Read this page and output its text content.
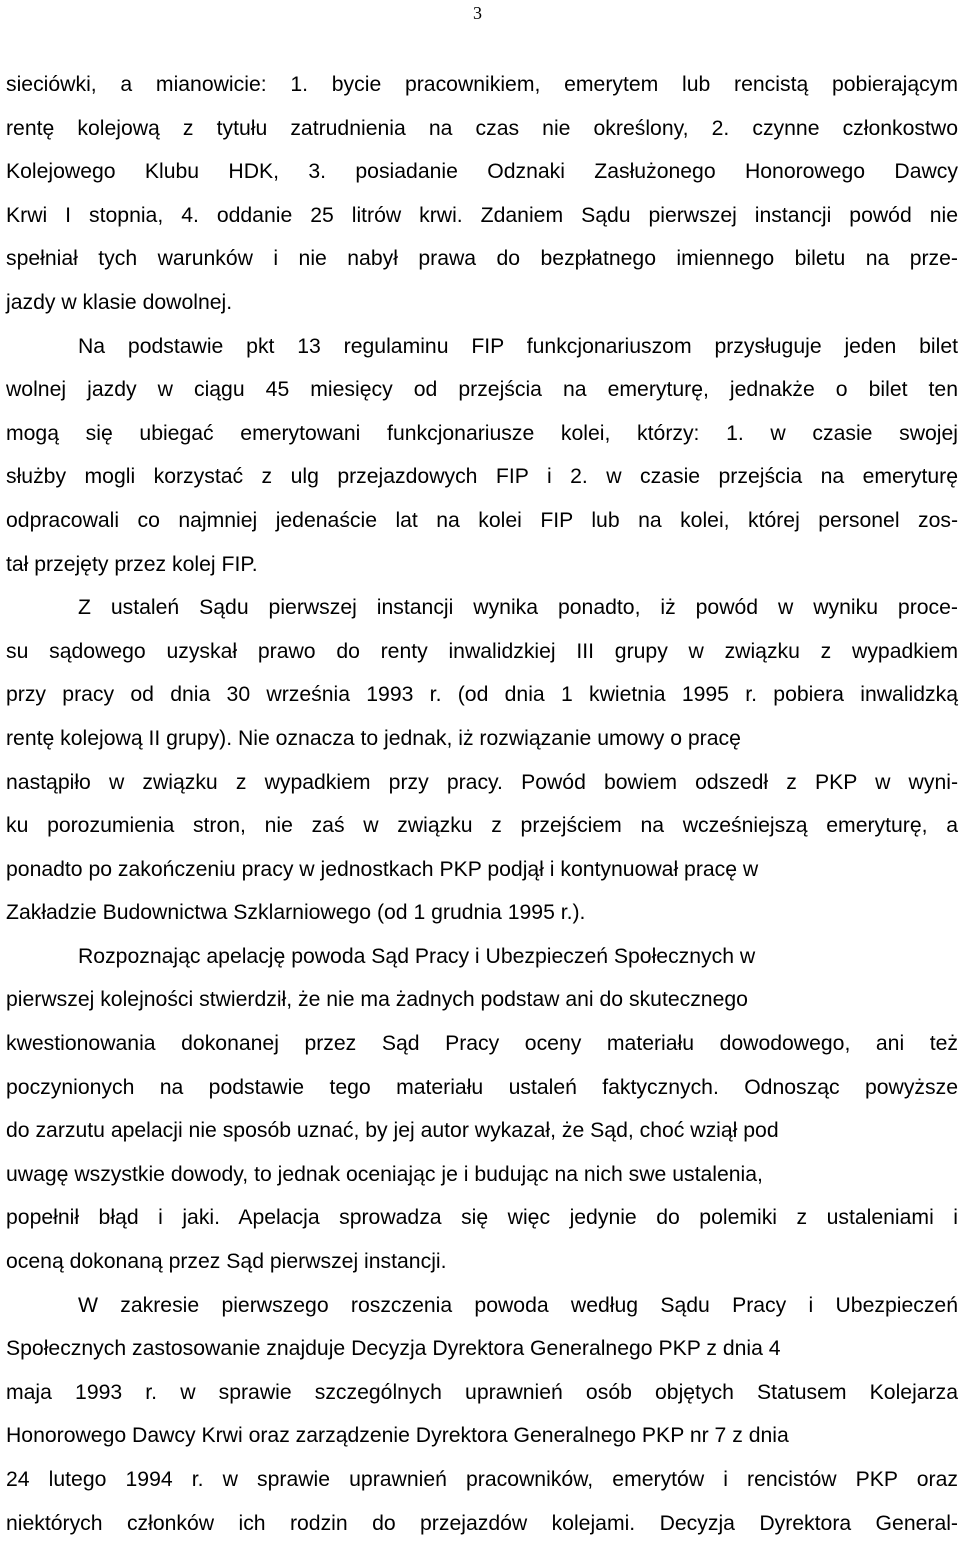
3
sieciówki, a mianowicie: 1. bycie pracownikiem, emerytem lub rencistą pobierającym
rentę kolejową z tytułu zatrudnienia na czas nie określony, 2. czynne członkostwo
Kolejowego Klubu HDK, 3. posiadanie Odznaki Zasłużonego Honorowego Dawcy
Krwi I stopnia, 4. oddanie 25 litrów krwi. Zdaniem Sądu pierwszej instancji powód nie
spełniał tych warunków i nie nabył prawa do bezpłatnego imiennego biletu na prze-
jazdy w klasie dowolnej.
Na podstawie pkt 13 regulaminu FIP funkcjonariuszom przysługuje jeden bilet
wolnej jazdy w ciągu 45 miesięcy od przejścia na emeryturę, jednakże o bilet ten
mogą się ubiegać emerytowani funkcjonariusze kolei, którzy: 1. w czasie swojej
służby mogli korzystać z ulg przejazdowych FIP i 2. w czasie przejścia na emeryturę
odpracowali co najmniej jedenaście lat na kolei FIP lub na kolei, której personel zos-
tał przejęty przez kolej FIP.
Z ustaleń Sądu pierwszej instancji wynika ponadto, iż powód w wyniku proce-
su sądowego uzyskał prawo do renty inwalidzkiej III grupy w związku z wypadkiem
przy pracy od dnia 30 września 1993 r. (od dnia 1 kwietnia 1995 r. pobiera inwalidzką
rentę kolejową II grupy). Nie oznacza to jednak, iż rozwiązanie umowy o pracę
nastąpiło w związku z wypadkiem przy pracy. Powód bowiem odszedł z PKP w wyni-
ku porozumienia stron, nie zaś w związku z przejściem na wcześniejszą emeryturę, a
ponadto po zakończeniu pracy w jednostkach PKP podjął i kontynuował pracę w
Zakładzie Budownictwa Szklarniowego (od 1 grudnia 1995 r.).
Rozpoznając apelację powoda Sąd Pracy i Ubezpieczeń Społecznych w
pierwszej kolejności stwierdził, że nie ma żadnych podstaw ani do skutecznego
kwestionowania dokonanej przez Sąd Pracy oceny materiału dowodowego, ani też
poczynionych na podstawie tego materiału ustaleń faktycznych. Odnosząc powyższe
do zarzutu apelacji nie sposób uznać, by jej autor wykazał, że Sąd, choć wziął pod
uwagę wszystkie dowody, to jednak oceniając je i budując na nich swe ustalenia,
popełnił błąd i jaki. Apelacja sprowadza się więc jedynie do polemiki z ustaleniami i
oceną dokonaną przez Sąd pierwszej instancji.
W zakresie pierwszego roszczenia powoda według Sądu Pracy i Ubezpieczeń
Społecznych zastosowanie znajduje Decyzja Dyrektora Generalnego PKP z dnia 4
maja 1993 r. w sprawie szczególnych uprawnień osób objętych Statusem Kolejarza
Honorowego Dawcy Krwi oraz zarządzenie Dyrektora Generalnego PKP nr 7 z dnia
24 lutego 1994 r. w sprawie uprawnień pracowników, emerytów i rencistów PKP oraz
niektórych członków ich rodzin do przejazdów kolejami. Decyzja Dyrektora General-
